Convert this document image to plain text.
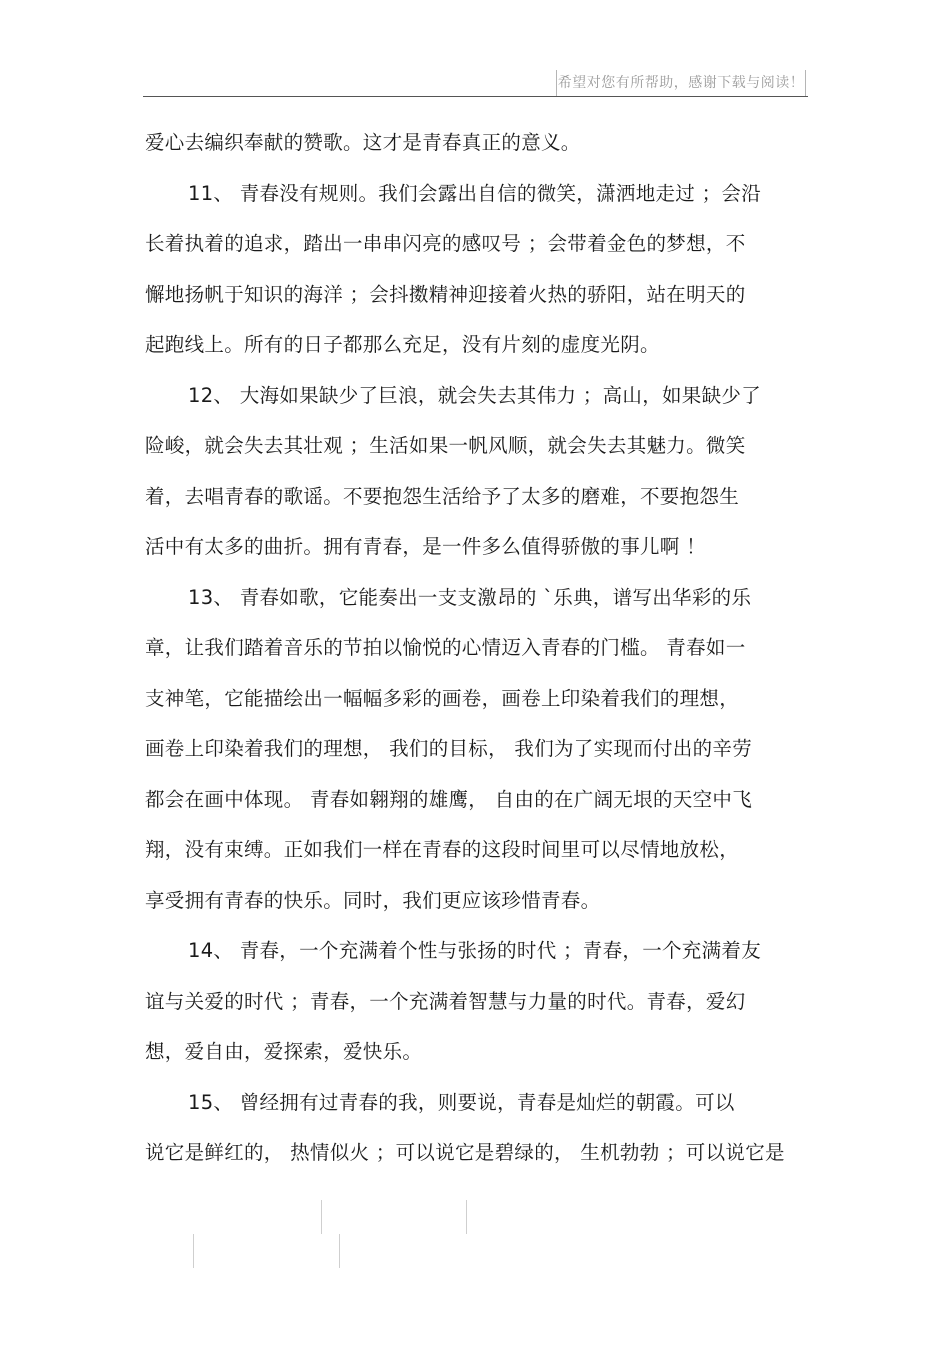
希望对您有所帮助，感谢下载与阅读！
爱心去编织奉献的赞歌。这才是青春真正的意义。
11、 青春没有规则。我们会露出自信的微笑，潇洒地走过 ；会沿
长着执着的追求，踏出一串串闪亮的感叹号 ；会带着金色的梦想，不
懈地扬帆于知识的海洋 ；会抖擞精神迎接着火热的骄阳，站在明天的
起跑线上。所有的日子都那么充足，没有片刻的虚度光阴。
12、 大海如果缺少了巨浪，就会失去其伟力 ；高山，如果缺少了
险峻，就会失去其壮观 ；生活如果一帆风顺，就会失去其魅力。微笑
着，去唱青春的歌谣。不要抱怨生活给予了太多的磨难，不要抱怨生
活中有太多的曲折。拥有青春，是一件多么值得骄傲的事儿啊 ！
13、 青春如歌，它能奏出一支支激昂的 `乐典，谱写出华彩的乐
章，让我们踏着音乐的节拍以愉悦的心情迈入青春的门槛。 青春如一
支神笔，它能描绘出一幅幅多彩的画卷，画卷上印染着我们的理想，
画卷上印染着我们的理想， 我们的目标， 我们为了实现而付出的辛劳
都会在画中体现。 青春如翱翔的雄鹰， 自由的在广阔无垠的天空中飞
翔，没有束缚。正如我们一样在青春的这段时间里可以尽情地放松，
享受拥有青春的快乐。同时，我们更应该珍惜青春。
14、 青春，一个充满着个性与张扬的时代 ；青春，一个充满着友
谊与关爱的时代 ；青春，一个充满着智慧与力量的时代。青春，爱幻
想，爱自由，爱探索，爱快乐。
15、 曾经拥有过青春的我，则要说，青春是灿烂的朝霞。可以
说它是鲜红的， 热情似火 ；可以说它是碧绿的， 生机勃勃 ；可以说它是
